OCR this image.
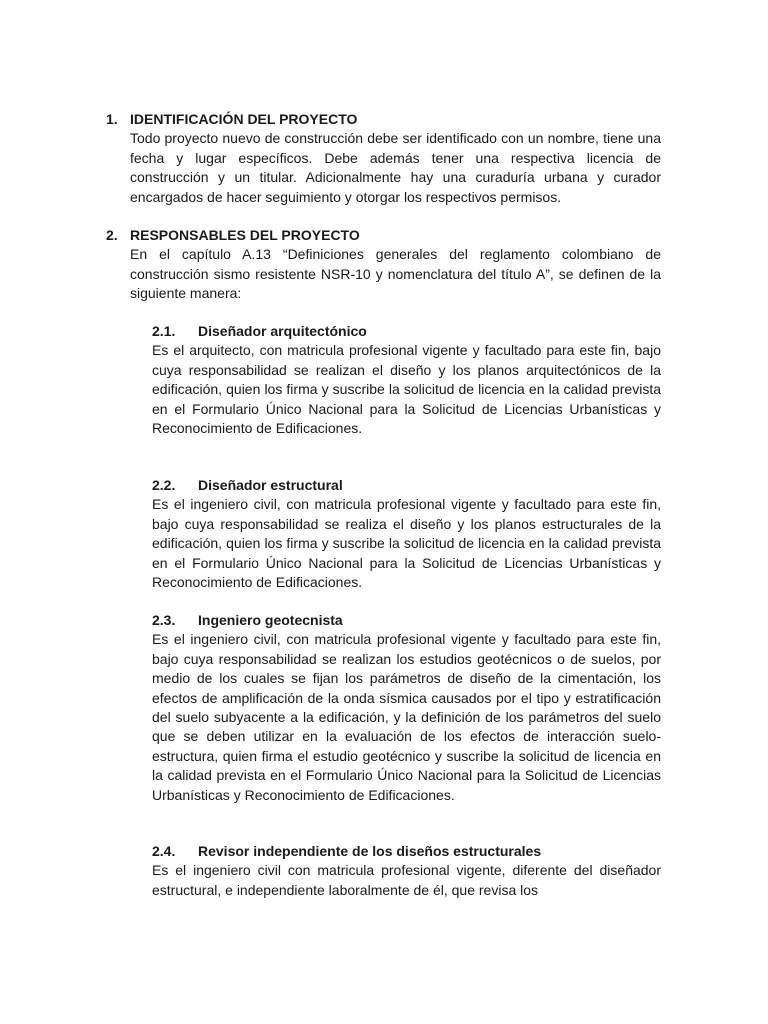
1. IDENTIFICACIÓN DEL PROYECTO
Todo proyecto nuevo de construcción debe ser identificado con un nombre, tiene una fecha y lugar específicos. Debe además tener una respectiva licencia de construcción y un titular. Adicionalmente hay una curaduría urbana y curador encargados de hacer seguimiento y otorgar los respectivos permisos.
2. RESPONSABLES DEL PROYECTO
En el capítulo A.13 “Definiciones generales del reglamento colombiano de construcción sismo resistente NSR-10 y nomenclatura del título A”, se definen de la siguiente manera:
2.1.	Diseñador arquitectónico
Es el arquitecto, con matricula profesional vigente y facultado para este fin, bajo cuya responsabilidad se realizan el diseño y los planos arquitectónicos de la edificación, quien los firma y suscribe la solicitud de licencia en la calidad prevista en el Formulario Único Nacional para la Solicitud de Licencias Urbanísticas y Reconocimiento de Edificaciones.
2.2.	Diseñador estructural
Es el ingeniero civil, con matricula profesional vigente y facultado para este fin, bajo cuya responsabilidad se realiza el diseño y los planos estructurales de la edificación, quien los firma y suscribe la solicitud de licencia en la calidad prevista en el Formulario Único Nacional para la Solicitud de Licencias Urbanísticas y Reconocimiento de Edificaciones.
2.3.	Ingeniero geotecnista
Es el ingeniero civil, con matricula profesional vigente y facultado para este fin, bajo cuya responsabilidad se realizan los estudios geotécnicos o de suelos, por medio de los cuales se fijan los parámetros de diseño de la cimentación, los efectos de amplificación de la onda sísmica causados por el tipo y estratificación del suelo subyacente a la edificación, y la definición de los parámetros del suelo que se deben utilizar en la evaluación de los efectos de interacción suelo-estructura, quien firma el estudio geotécnico y suscribe la solicitud de licencia en la calidad prevista en el Formulario Único Nacional para la Solicitud de Licencias Urbanísticas y Reconocimiento de Edificaciones.
2.4.	Revisor independiente de los diseños estructurales
Es el ingeniero civil con matricula profesional vigente, diferente del diseñador estructural, e independiente laboralmente de él, que revisa los
